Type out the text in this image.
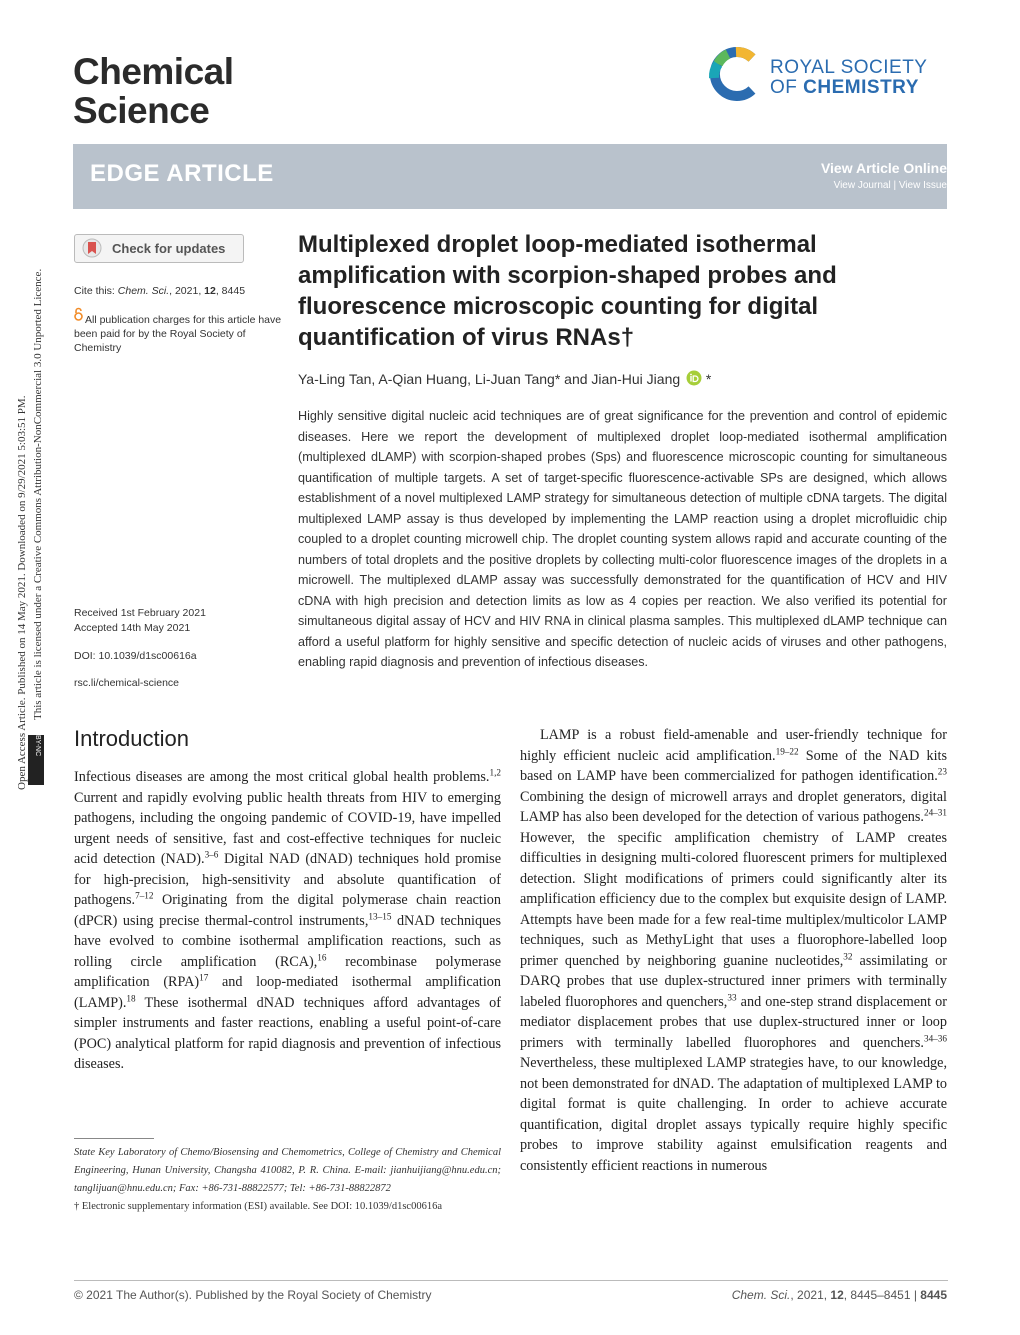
Chemical
Science
ROYAL SOCIETY
OF CHEMISTRY
EDGE ARTICLE	View Article Online
View Journal | View Issue
Open Access Article. Published on 14 May 2021. Downloaded on 9/29/2021 5:03:51 PM. This article is licensed under a Creative Commons Attribution-NonCommercial 3.0 Unported Licence.
BY-NC
Check for updates
Cite this: Chem. Sci., 2021, 12, 8445
All publication charges for this article have been paid for by the Royal Society of Chemistry
Received 1st February 2021
Accepted 14th May 2021
DOI: 10.1039/d1sc00616a
rsc.li/chemical-science
Multiplexed droplet loop-mediated isothermal amplification with scorpion-shaped probes and fluorescence microscopic counting for digital quantification of virus RNAs†
Ya-Ling Tan, A-Qian Huang, Li-Juan Tang* and Jian-Hui Jiang *
Highly sensitive digital nucleic acid techniques are of great significance for the prevention and control of epidemic diseases. Here we report the development of multiplexed droplet loop-mediated isothermal amplification (multiplexed dLAMP) with scorpion-shaped probes (Sps) and fluorescence microscopic counting for simultaneous quantification of multiple targets. A set of target-specific fluorescence-activable SPs are designed, which allows establishment of a novel multiplexed LAMP strategy for simultaneous detection of multiple cDNA targets. The digital multiplexed LAMP assay is thus developed by implementing the LAMP reaction using a droplet microfluidic chip coupled to a droplet counting microwell chip. The droplet counting system allows rapid and accurate counting of the numbers of total droplets and the positive droplets by collecting multi-color fluorescence images of the droplets in a microwell. The multiplexed dLAMP assay was successfully demonstrated for the quantification of HCV and HIV cDNA with high precision and detection limits as low as 4 copies per reaction. We also verified its potential for simultaneous digital assay of HCV and HIV RNA in clinical plasma samples. This multiplexed dLAMP technique can afford a useful platform for highly sensitive and specific detection of nucleic acids of viruses and other pathogens, enabling rapid diagnosis and prevention of infectious diseases.
Introduction
Infectious diseases are among the most critical global health problems.$^{1,2}$ Current and rapidly evolving public health threats from HIV to emerging pathogens, including the ongoing pandemic of COVID-19, have impelled urgent needs of sensitive, fast and cost-effective techniques for nucleic acid detection (NAD).$^{3-6}$ Digital NAD (dNAD) techniques hold promise for high-precision, high-sensitivity and absolute quantification of pathogens.$^{7-12}$ Originating from the digital polymerase chain reaction (dPCR) using precise thermal-control instruments,$^{13-15}$ dNAD techniques have evolved to combine isothermal amplification reactions, such as rolling circle amplification (RCA),$^{16}$ recombinase polymerase amplification (RPA)$^{17}$ and loop-mediated isothermal amplification (LAMP).$^{18}$ These isothermal dNAD techniques afford advantages of simpler instruments and faster reactions, enabling a useful point-of-care (POC) analytical platform for rapid diagnosis and prevention of infectious diseases.
State Key Laboratory of Chemo/Biosensing and Chemometrics, College of Chemistry and Chemical Engineering, Hunan University, Changsha 410082, P. R. China. E-mail: jianhuijiang@hnu.edu.cn; tanglijuan@hnu.edu.cn; Fax: +86-731-88822577; Tel: +86-731-88822872
† Electronic supplementary information (ESI) available. See DOI: 10.1039/d1sc00616a
LAMP is a robust field-amenable and user-friendly technique for highly efficient nucleic acid amplification.$^{19-22}$ Some of the NAD kits based on LAMP have been commercialized for pathogen identification.$^{23}$ Combining the design of microwell arrays and droplet generators, digital LAMP has also been developed for the detection of various pathogens.$^{24-31}$ However, the specific amplification chemistry of LAMP creates difficulties in designing multi-colored fluorescent primers for multiplexed detection. Slight modifications of primers could significantly alter its amplification efficiency due to the complex but exquisite design of LAMP. Attempts have been made for a few real-time multiplex/multicolor LAMP techniques, such as MethyLight that uses a fluorophore-labelled loop primer quenched by neighboring guanine nucleotides,$^{32}$ assimilating or DARQ probes that use duplex-structured inner primers with terminally labeled fluorophores and quenchers,$^{33}$ and one-step strand displacement or mediator displacement probes that use duplex-structured inner or loop primers with terminally labelled fluorophores and quenchers.$^{34-36}$ Nevertheless, these multiplexed LAMP strategies have, to our knowledge, not been demonstrated for dNAD. The adaptation of multiplexed LAMP to digital format is quite challenging. In order to achieve accurate quantification, digital droplet assays typically require highly specific probes to improve stability against emulsification reagents and consistently efficient reactions in numerous
© 2021 The Author(s). Published by the Royal Society of Chemistry	Chem. Sci., 2021, 12, 8445–8451 | 8445
